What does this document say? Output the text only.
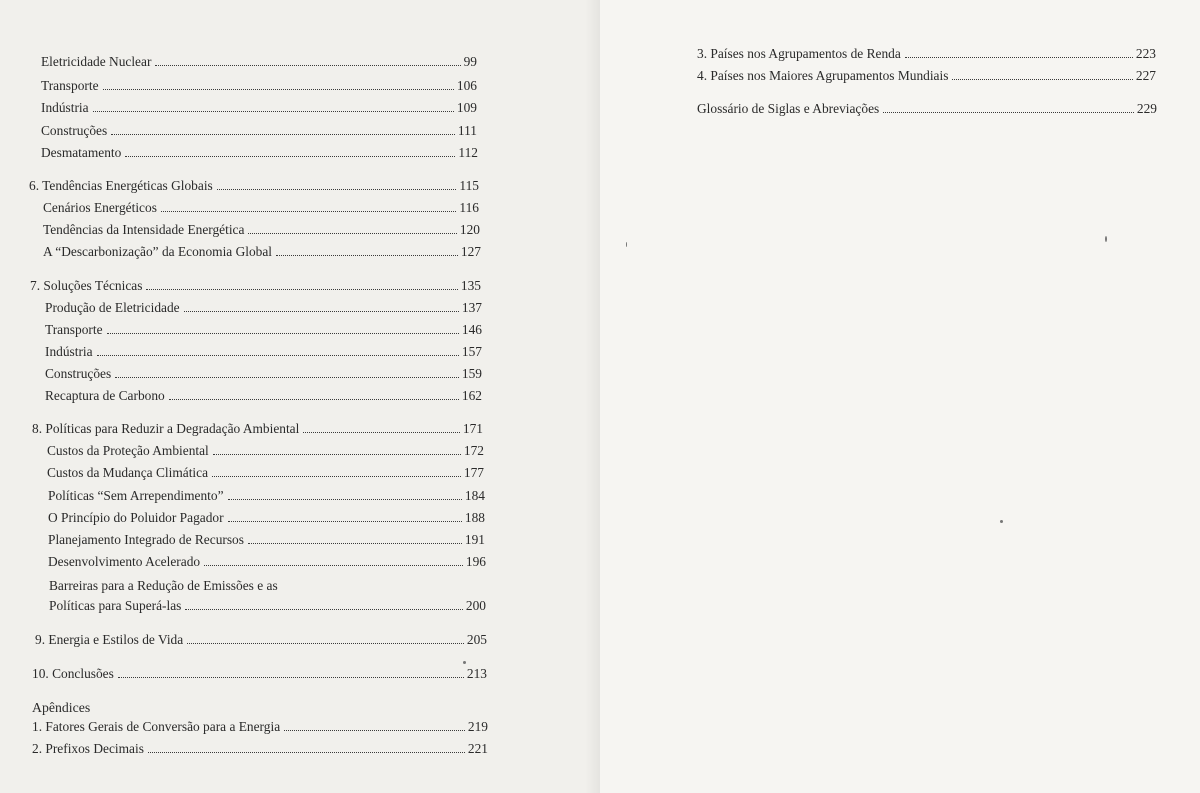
Eletricidade Nuclear	99
Transporte	106
Indústria	109
Construções	111
Desmatamento	112
6. Tendências Energéticas Globais	115
Cenários Energéticos	116
Tendências da Intensidade Energética	120
A “Descarbonização” da Economia Global	127
7. Soluções Técnicas	135
Produção de Eletricidade	137
Transporte	146
Indústria	157
Construções	159
Recaptura de Carbono	162
8. Políticas para Reduzir a Degradação Ambiental	171
Custos da Proteção Ambiental	172
Custos da Mudança Climática	177
Políticas “Sem Arrependimento”	184
O Princípio do Poluidor Pagador	188
Planejamento Integrado de Recursos	191
Desenvolvimento Acelerado	196
Barreiras para a Redução de Emissões e as
Políticas para Superá-las	200
9. Energia e Estilos de Vida	205
10. Conclusões	213
Apêndices
1. Fatores Gerais de Conversão para a Energia	219
2. Prefixos Decimais	221
3. Países nos Agrupamentos de Renda	223
4. Países nos Maiores Agrupamentos Mundiais	227
Glossário de Siglas e Abreviações	229
